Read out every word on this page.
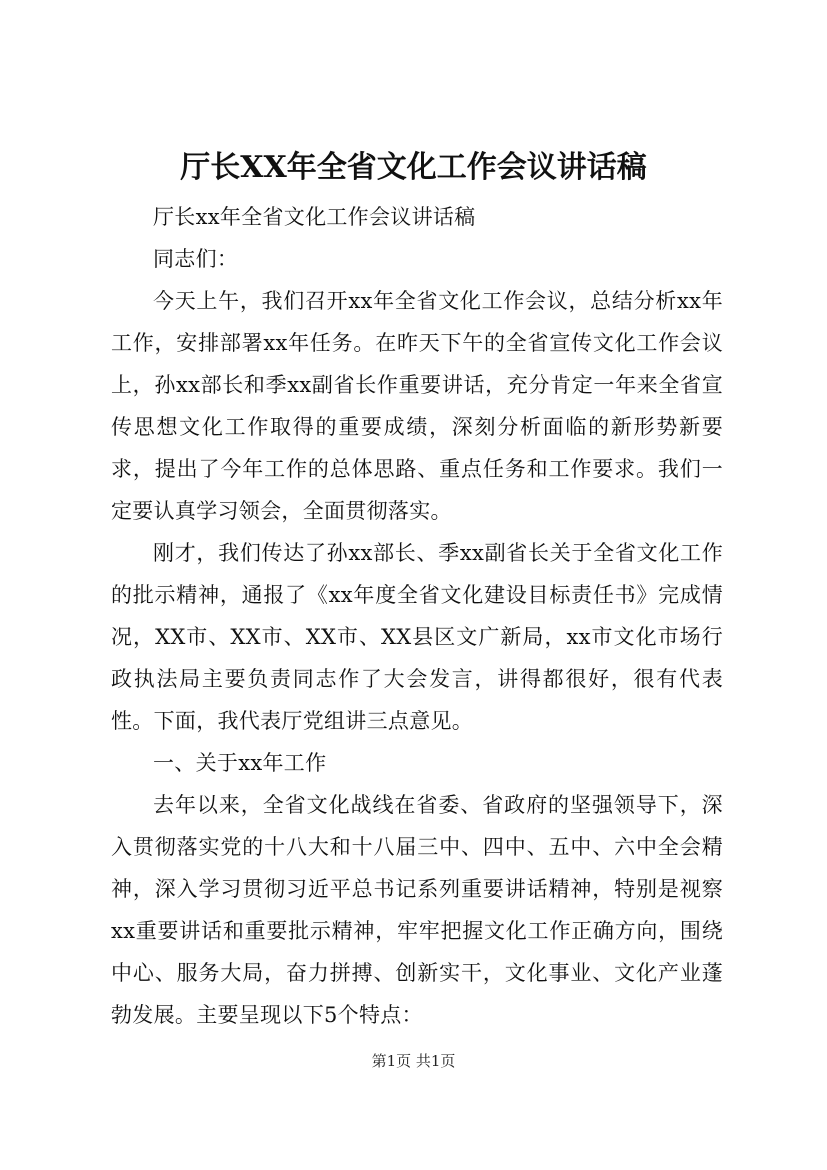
厅长XX年全省文化工作会议讲话稿

厅长xx年全省文化工作会议讲话稿

同志们：

今天上午，我们召开xx年全省文化工作会议，总结分析xx年工作，安排部署xx年任务。在昨天下午的全省宣传文化工作会议上，孙xx部长和季xx副省长作重要讲话，充分肯定一年来全省宣传思想文化工作取得的重要成绩，深刻分析面临的新形势新要求，提出了今年工作的总体思路、重点任务和工作要求。我们一定要认真学习领会，全面贯彻落实。

刚才，我们传达了孙xx部长、季xx副省长关于全省文化工作的批示精神，通报了《xx年度全省文化建设目标责任书》完成情况，XX市、XX市、XX市、XX县区文广新局，xx市文化市场行政执法局主要负责同志作了大会发言，讲得都很好，很有代表性。下面，我代表厅党组讲三点意见。

一、关于xx年工作

去年以来，全省文化战线在省委、省政府的坚强领导下，深入贯彻落实党的十八大和十八届三中、四中、五中、六中全会精神，深入学习贯彻习近平总书记系列重要讲话精神，特别是视察xx重要讲话和重要批示精神，牢牢把握文化工作正确方向，围绕中心、服务大局，奋力拼搏、创新实干，文化事业、文化产业蓬勃发展。主要呈现以下5个特点：

第1页 共1页
